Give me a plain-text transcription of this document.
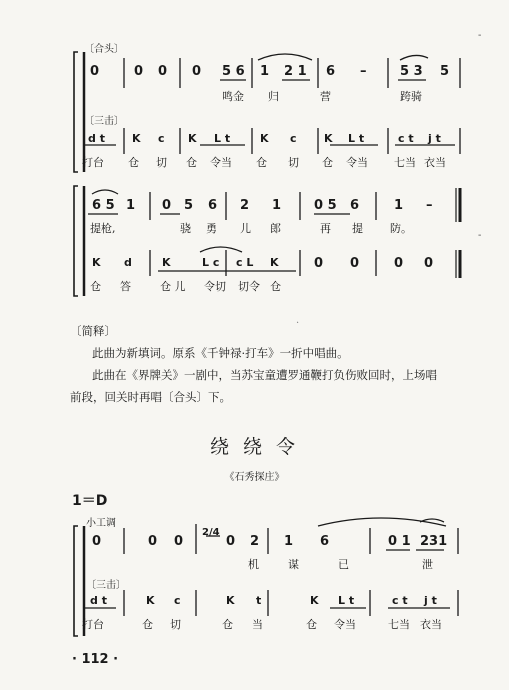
-
-
·
〔合头〕
0	0 0 0 5 6 1 2 1 6 –	5 3 5
鸣金 归	营	跨骑
〔三击〕
d t K c K L t	K c K L t	c t j t
打台 仓 切 仓 令当 仓 切 仓 令当 七当 衣当
6 5 1 0 5 6 2 1	0 5 6	1 –
提枪,	骁 勇 儿 郎	再 提 防。
K d	K	L c c L K	0 0	0 0
仓 答	仓 儿 令切 切令 仓
〔简释〕
此曲为新填词。原系《千钟禄·打车》一折中唱曲。
此曲在《界牌关》一剧中，当苏宝童遭罗通鞭打负伤败回时，上场唱
前段，回关时再唱〔合头〕下。
绕 绕 令
《石秀探庄》
1＝D
小工调
0	0 0
2/4
0 2 1 6	0 1 231
机	谋	已	泄
〔三击〕
d t	K c	K t	K L t	c t j t
打台	仓 切	仓 当	仓 令当	七当 衣当
· 112 ·
